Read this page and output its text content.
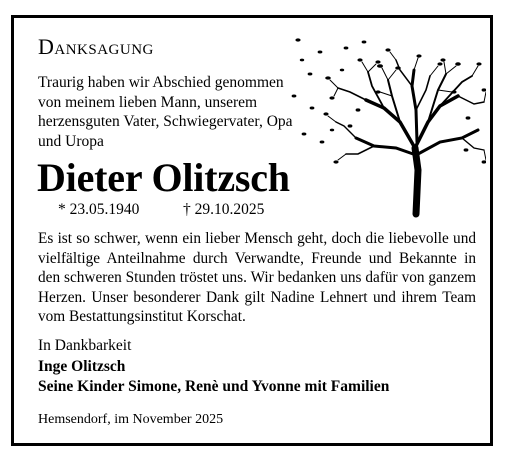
Danksagung
Traurig haben wir Abschied genommen von meinem lieben Mann, unserem herzensguten Vater, Schwiegervater, Opa und Uropa
Dieter Olitzsch
* 23.05.1940	† 29.10.2025
Es ist so schwer, wenn ein lieber Mensch geht, doch die liebevolle und vielfältige Anteilnahme durch Verwandte, Freunde und Bekannte in den schweren Stunden tröstet uns. Wir bedanken uns dafür von ganzem Herzen. Unser besonderer Dank gilt Nadine Lehnert und ihrem Team vom Bestattungsinstitut Korschat.
In Dankbarkeit
Inge Olitzsch
Seine Kinder Simone, Renè und Yvonne mit Familien
Hemsendorf, im November 2025
